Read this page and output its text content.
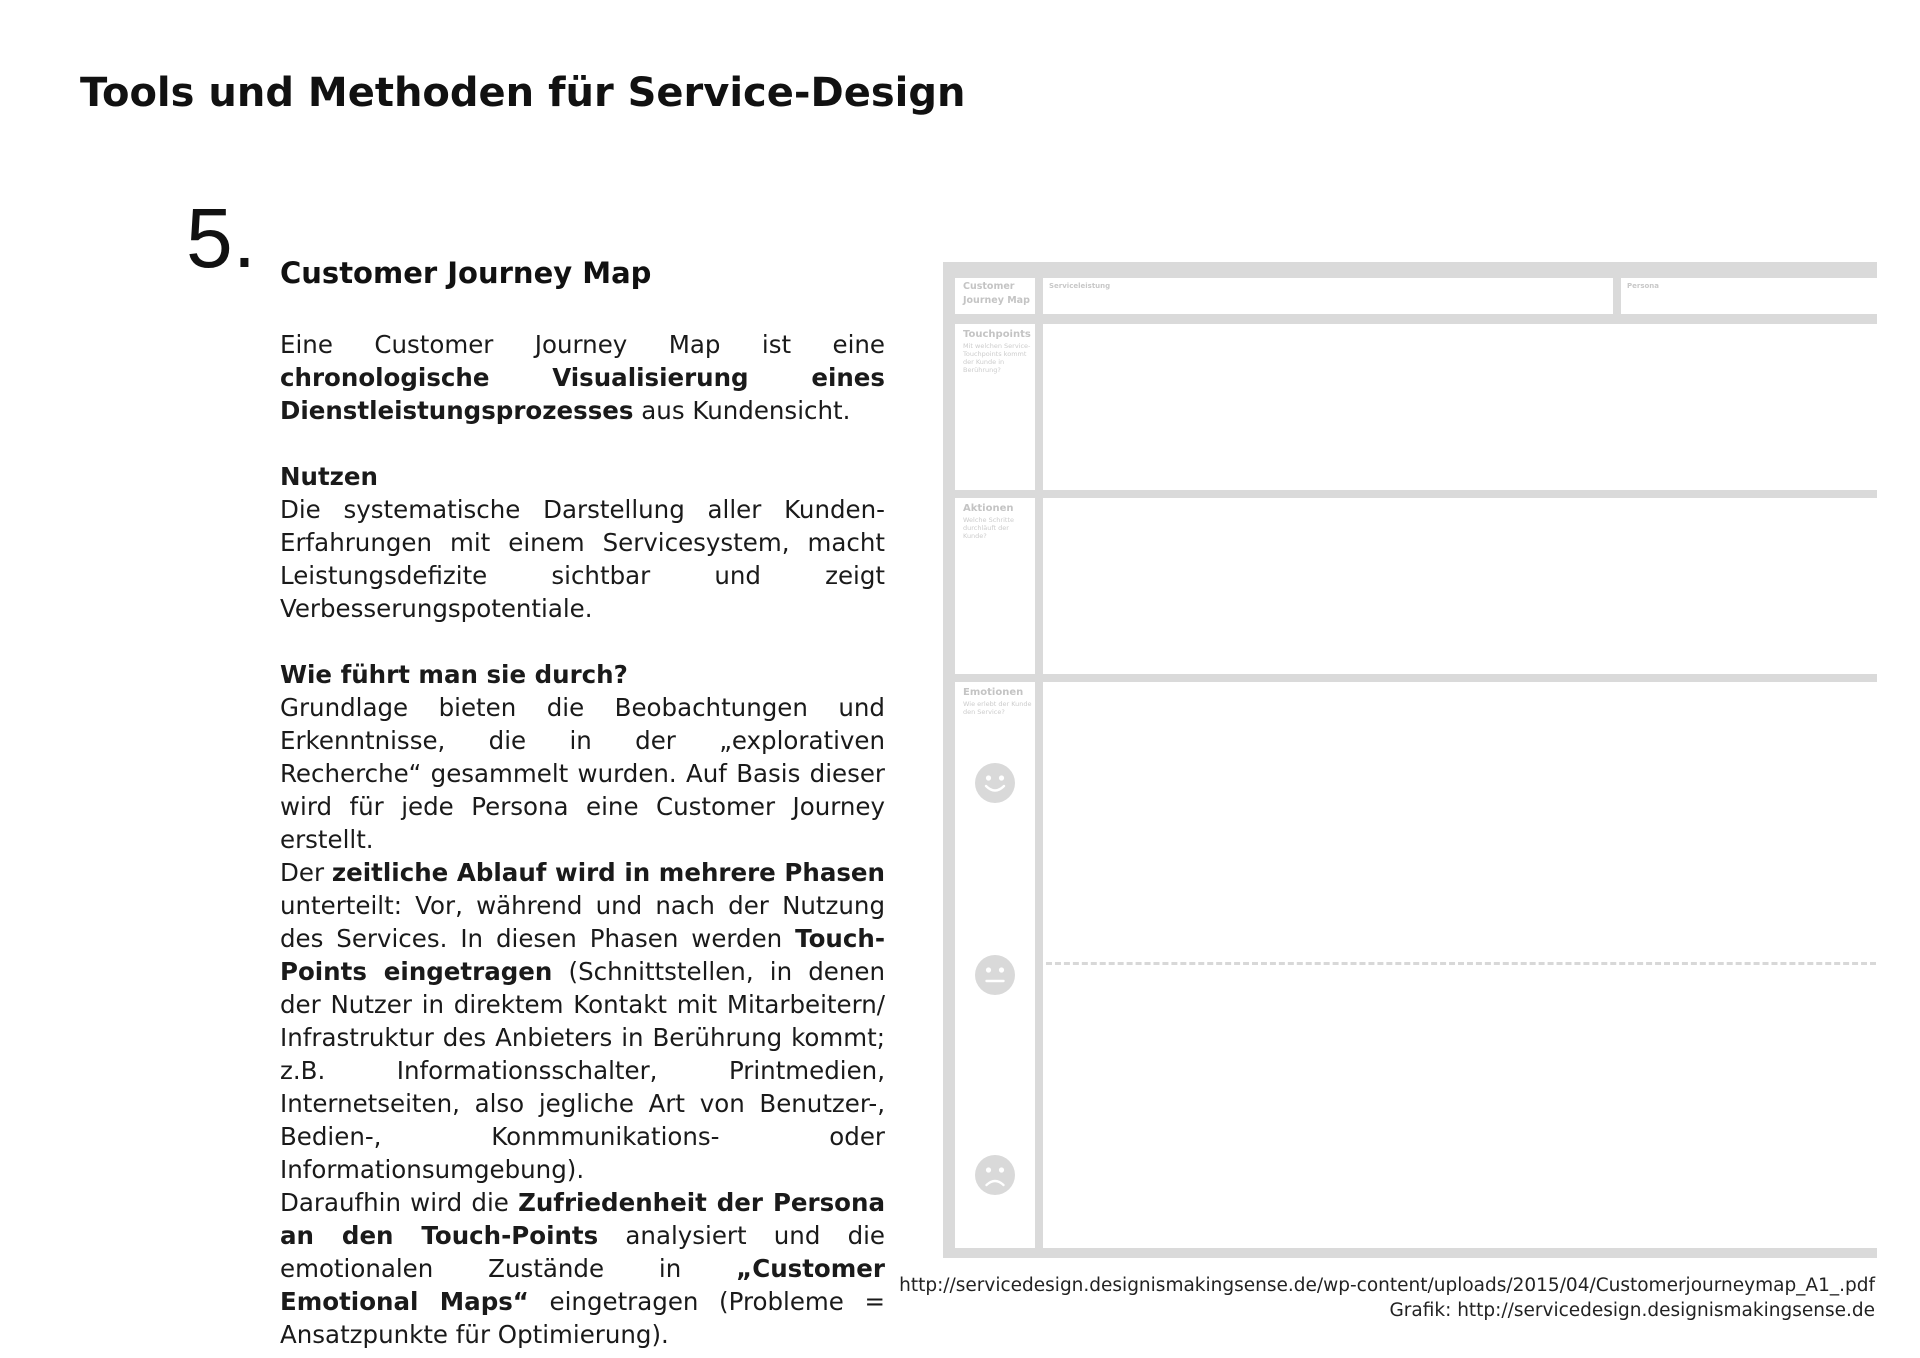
Tools und Methoden für Service-Design
5. Customer Journey Map

Eine Customer Journey Map ist eine chronologische Visualisierung eines Dienstleistungsprozesses aus Kundensicht.

Nutzen

Die systematische Darstellung aller Kunden-Erfahrungen mit einem Servicesystem, macht Leistungsdefizite sichtbar und zeigt Verbesserungspotentiale.

Wie führt man sie durch?

Grundlage bieten die Beobachtungen und Erkenntnisse, die in der „explorativen Recherche“ gesammelt wurden. Auf Basis dieser wird für jede Persona eine Customer Journey erstellt.

Der zeitliche Ablauf wird in mehrere Phasen unterteilt: Vor, während und nach der Nutzung des Services. In diesen Phasen werden Touch-Points eingetragen (Schnittstellen, in denen der Nutzer in direktem Kontakt mit Mitarbeitern/ Infrastruktur des Anbieters in Berührung kommt; z.B. Informationsschalter, Printmedien, Internetseiten, also jegliche Art von Benutzer-, Bedien-, Konmmunikations- oder Informationsumgebung).

Daraufhin wird die Zufriedenheit der Persona an den Touch-Points analysiert und die emotionalen Zustände in „Customer Emotional Maps“ eingetragen (Probleme = Ansatzpunkte für Optimierung).

Customer
Journey Map
Serviceleistung	Persona
Touchpoints
Mit welchen Service-Touchpoints kommt der Kunde in Berührung?
Aktionen
Welche Schritte durchläuft der Kunde?
Emotionen
Wie erlebt der Kunde den Service?
http://servicedesign.designismakingsense.de/wp-content/uploads/2015/04/Customerjourneymap_A1_.pdf
Grafik: http://servicedesign.designismakingsense.de
